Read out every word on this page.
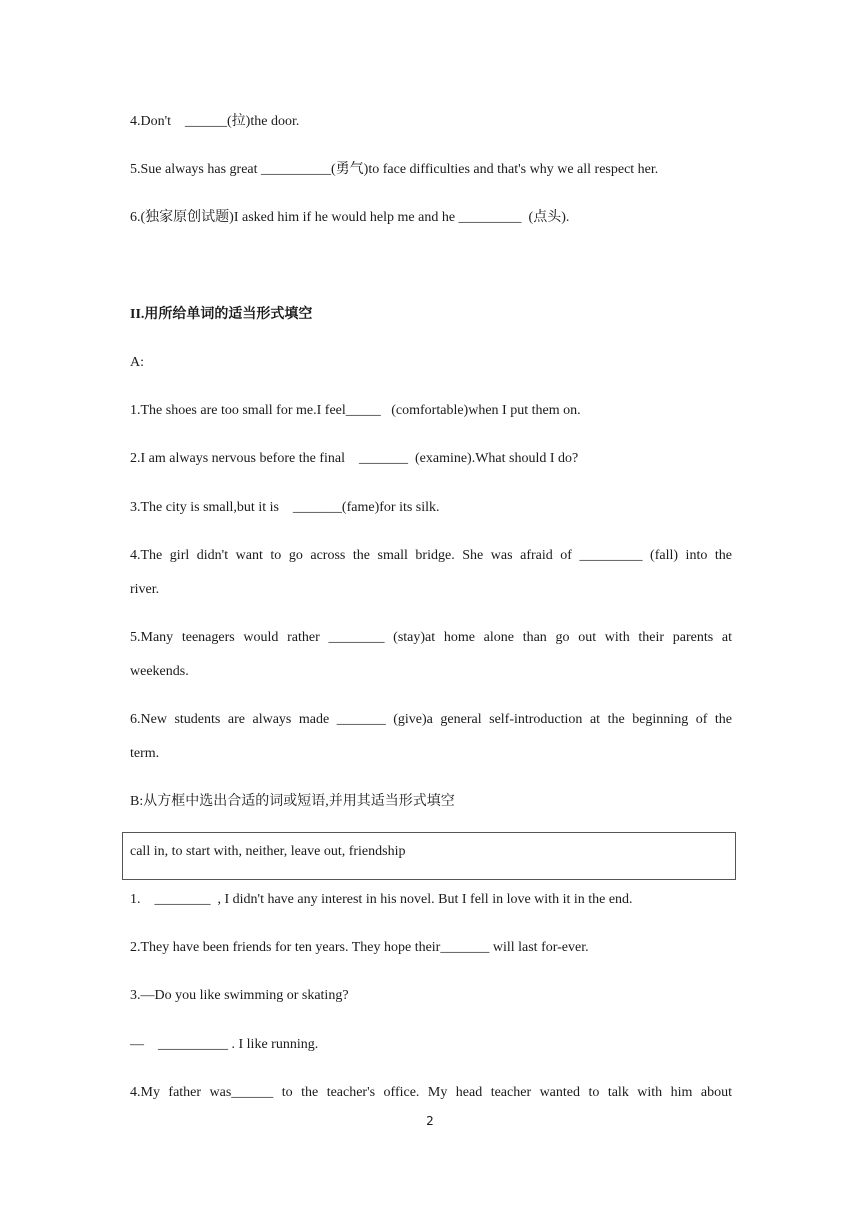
4.Don't    ______(拉)the door.
5.Sue always has great __________(勇气)to face difficulties and that's why we all respect her.
6.(独家原创试题)I asked him if he would help me and he _________  (点头).
II.用所给单词的适当形式填空
A:
1.The shoes are too small for me.I feel_____   (comfortable)when I put them on.
2.I am always nervous before the final    _______  (examine).What should I do?
3.The city is small,but it is    _______(fame)for its silk.
4.The girl didn't want to go across the small bridge. She was afraid of _________ (fall) into the
river.
5.Many teenagers would rather ________ (stay)at home alone than go out with their parents at
weekends.
6.New students are always made _______ (give)a general self-introduction at the beginning of the
term.
B:从方框中选出合适的词或短语,并用其适当形式填空
call in, to start with, neither, leave out, friendship
1.    ________  , I didn't have any interest in his novel. But I fell in love with it in the end.
2.They have been friends for ten years. They hope their_______ will last for-ever.
3.—Do you like swimming or skating?
—    __________ . I like running.
4.My father was______ to the teacher's office. My head teacher wanted to talk with him about
2
